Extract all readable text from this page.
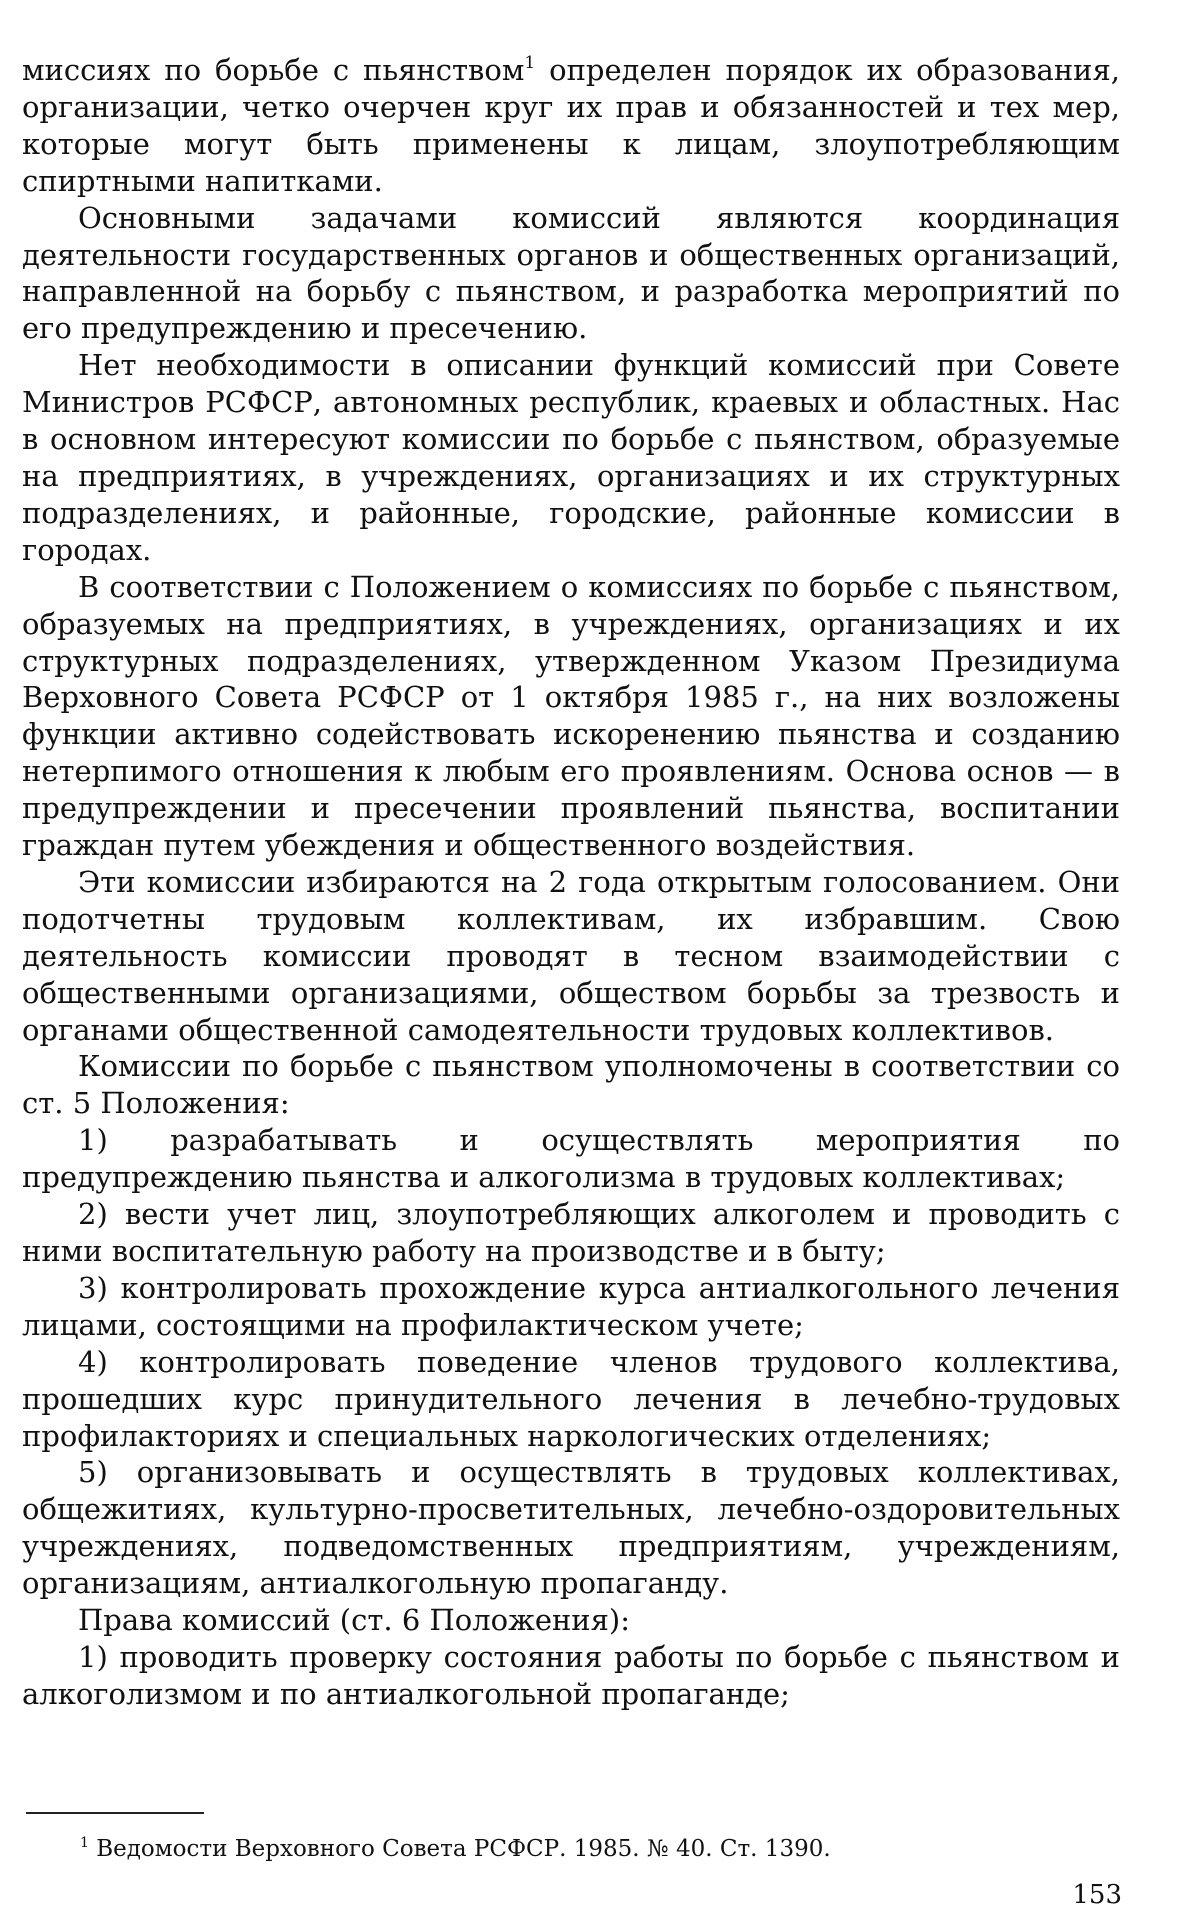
миссиях по борьбе с пьянством$^1$ определен порядок их образования, организации, четко очерчен круг их прав и обязанностей и тех мер, которые могут быть применены к лицам, злоупотребляющим спиртными напитками.

Основными задачами комиссий являются координация деятельности государственных органов и общественных организаций, направленной на борьбу с пьянством, и разработка мероприятий по его предупреждению и пресечению.

Нет необходимости в описании функций комиссий при Совете Министров РСФСР, автономных республик, краевых и областных. Нас в основном интересуют комиссии по борьбе с пьянством, образуемые на предприятиях, в учреждениях, организациях и их структурных подразделениях, и районные, городские, районные комиссии в городах.

В соответствии с Положением о комиссиях по борьбе с пьянством, образуемых на предприятиях, в учреждениях, организациях и их структурных подразделениях, утвержденном Указом Президиума Верховного Совета РСФСР от 1 октября 1985 г., на них возложены функции активно содействовать искоренению пьянства и созданию нетерпимого отношения к любым его проявлениям. Основа основ — в предупреждении и пресечении проявлений пьянства, воспитании граждан путем убеждения и общественного воздействия.

Эти комиссии избираются на 2 года открытым голосованием. Они подотчетны трудовым коллективам, их избравшим. Свою деятельность комиссии проводят в тесном взаимодействии с общественными организациями, обществом борьбы за трезвость и органами общественной самодеятельности трудовых коллективов.

Комиссии по борьбе с пьянством уполномочены в соответствии со ст. 5 Положения:

1) разрабатывать и осуществлять мероприятия по предупреждению пьянства и алкоголизма в трудовых коллективах;

2) вести учет лиц, злоупотребляющих алкоголем и проводить с ними воспитательную работу на производстве и в быту;

3) контролировать прохождение курса антиалкогольного лечения лицами, состоящими на профилактическом учете;

4) контролировать поведение членов трудового коллектива, прошедших курс принудительного лечения в лечебно-трудовых профилакториях и специальных наркологических отделениях;

5) организовывать и осуществлять в трудовых коллективах, общежитиях, культурно-просветительных, лечебно-оздоровительных учреждениях, подведомственных предприятиям, учреждениям, организациям, антиалкогольную пропаганду.

Права комиссий (ст. 6 Положения):

1) проводить проверку состояния работы по борьбе с пьянством и алкоголизмом и по антиалкогольной пропаганде;

$^1$ Ведомости Верховного Совета РСФСР. 1985. № 40. Ст. 1390.

153
